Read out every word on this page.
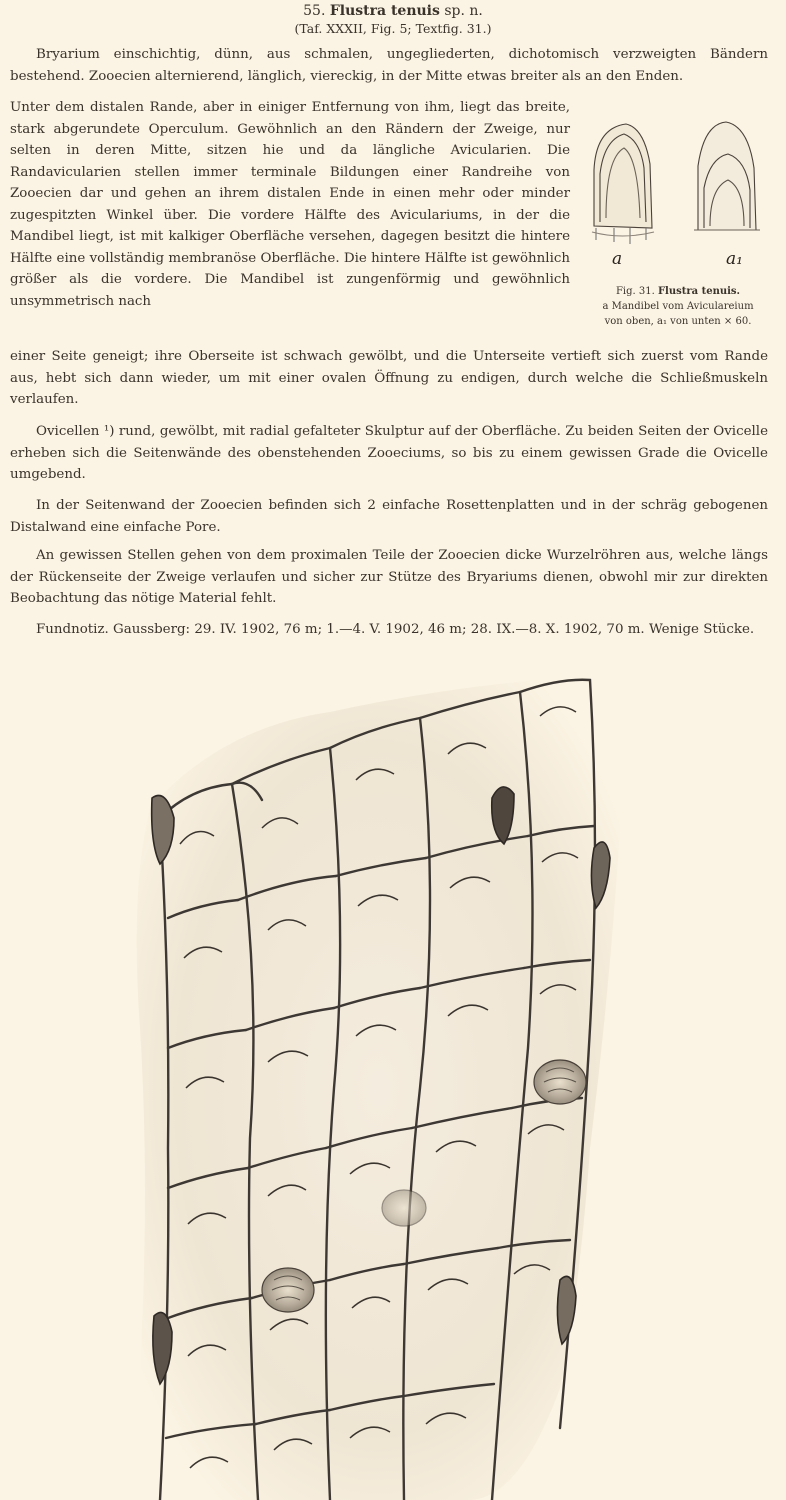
55. Flustra tenuis sp. n.
(Taf. XXXII, Fig. 5; Textfig. 31.)

Bryarium einschichtig, dünn, aus schmalen, ungegliederten, dichotomisch verzweigten Bändern bestehend. Zooecien alternierend, länglich, viereckig, in der Mitte etwas breiter als an den Enden.

Unter dem distalen Rande, aber in einiger Entfernung von ihm, liegt das breite, stark abgerundete Operculum. Gewöhnlich an den Rändern der Zweige, nur selten in deren Mitte, sitzen hie und da längliche Avicularien. Die Randavicularien stellen immer terminale Bildungen einer Randreihe von Zooecien dar und gehen an ihrem distalen Ende in einen mehr oder minder zugespitzten Winkel über. Die vordere Hälfte des Aviculariums, in der die Mandibel liegt, ist mit kalkiger Oberfläche versehen, dagegen besitzt die hintere Hälfte eine vollständig membranöse Oberfläche. Die hintere Hälfte ist gewöhnlich größer als die vordere. Die Mandibel ist zungenförmig und gewöhnlich unsymmetrisch nach

a	a₁
Fig. 31. Flustra tenuis.
a Mandibel vom Aviculareium
von oben, a₁ von unten × 60.

einer Seite geneigt; ihre Oberseite ist schwach gewölbt, und die Unterseite vertieft sich zuerst vom Rande aus, hebt sich dann wieder, um mit einer ovalen Öffnung zu endigen, durch welche die Schließmuskeln verlaufen.

Ovicellen ¹) rund, gewölbt, mit radial gefalteter Skulptur auf der Oberfläche. Zu beiden Seiten der Ovicelle erheben sich die Seitenwände des obenstehenden Zooeciums, so bis zu einem gewissen Grade die Ovicelle umgebend.

In der Seitenwand der Zooecien befinden sich 2 einfache Rosettenplatten und in der schräg gebogenen Distalwand eine einfache Pore.

An gewissen Stellen gehen von dem proximalen Teile der Zooecien dicke Wurzelröhren aus, welche längs der Rückenseite der Zweige verlaufen und sicher zur Stütze des Bryariums dienen, obwohl mir zur direkten Beobachtung das nötige Material fehlt.

Fundnotiz. Gaussberg: 29. IV. 1902, 76 m; 1.—4. V. 1902, 46 m; 28. IX.—8. X. 1902, 70 m. Wenige Stücke.
